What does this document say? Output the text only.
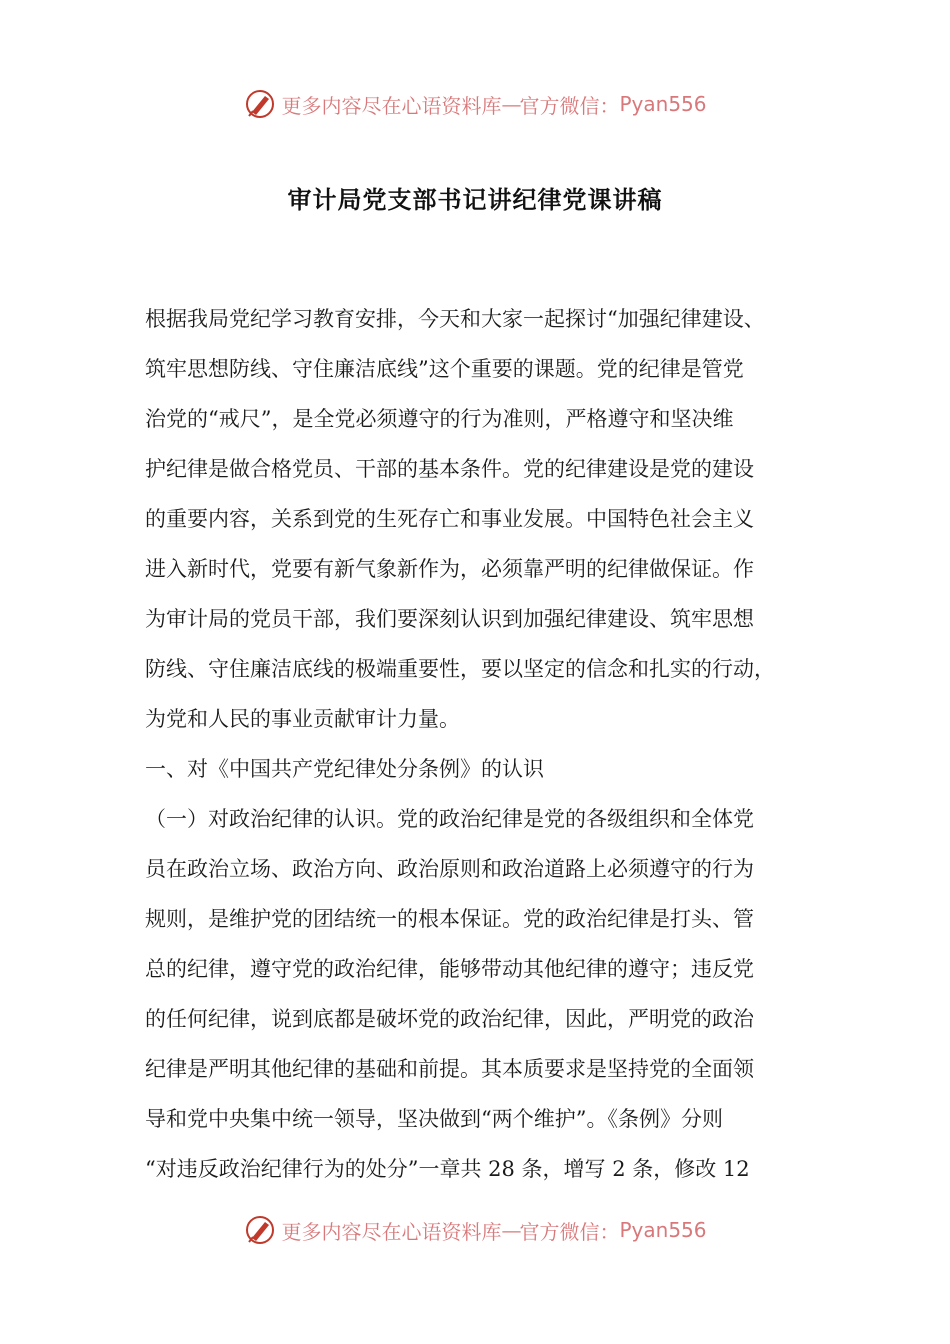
更多内容尽在心语资料库 — 官方微信： Pyan556
审计局党支部书记讲纪律党课讲稿
根据我局党纪学习教育安排，今天和大家一起探讨“加强纪律建设、
筑牢思想防线、守住廉洁底线”这个重要的课题。党的纪律是管党
治党的“戒尺”，是全党必须遵守的行为准则，严格遵守和坚决维
护纪律是做合格党员、干部的基本条件。党的纪律建设是党的建设
的重要内容，关系到党的生死存亡和事业发展。中国特色社会主义
进入新时代，党要有新气象新作为，必须靠严明的纪律做保证。作
为审计局的党员干部，我们要深刻认识到加强纪律建设、筑牢思想
防线、守住廉洁底线的极端重要性，要以坚定的信念和扎实的行动，
为党和人民的事业贡献审计力量。
一、对《中国共产党纪律处分条例》的认识
（一）对政治纪律的认识。党的政治纪律是党的各级组织和全体党
员在政治立场、政治方向、政治原则和政治道路上必须遵守的行为
规则，是维护党的团结统一的根本保证。党的政治纪律是打头、管
总的纪律，遵守党的政治纪律，能够带动其他纪律的遵守；违反党
的任何纪律，说到底都是破坏党的政治纪律，因此，严明党的政治
纪律是严明其他纪律的基础和前提。其本质要求是坚持党的全面领
导和党中央集中统一领导，坚决做到“两个维护”。《条例》分则
“对违反政治纪律行为的处分”一章共 28 条，增写 2 条，修改 12
更多内容尽在心语资料库 — 官方微信： Pyan556
